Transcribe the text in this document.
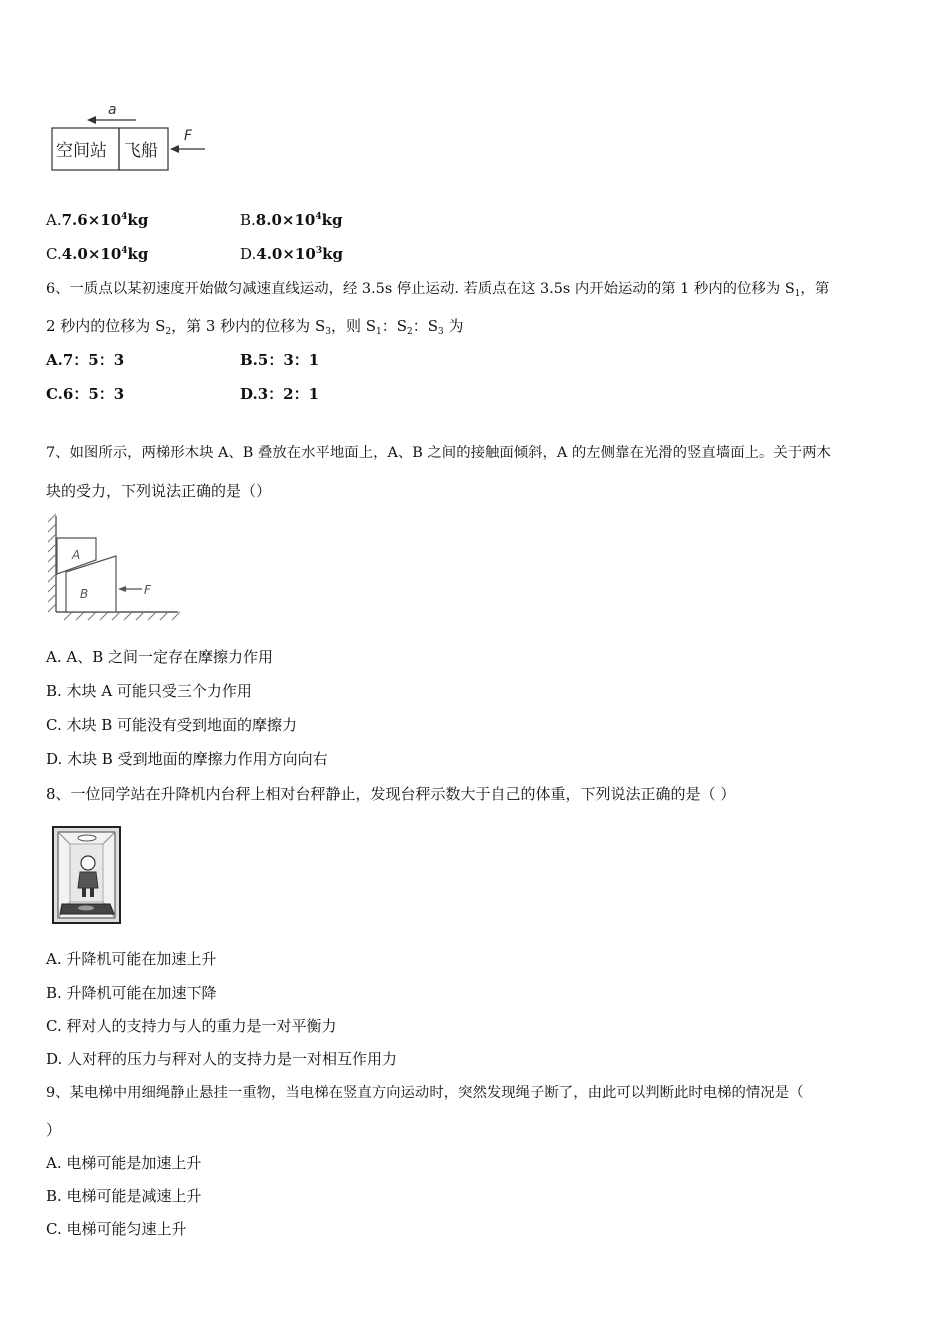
a
空间站 飞船
F
$A.7.6\times 10^4kg$	$B.8.0\times 10^4kg$
$C.4.0\times 10^4kg$	$D.4.0\times 10^3kg$
6、一质点以某初速度开始做匀减速直线运动，经 3.5s 停止运动. 若质点在这 3.5s 内开始运动的第 1 秒内的位移为 $S_1$，第
2 秒内的位移为 $S_2$，第 3 秒内的位移为 $S_3$，则 $S_1$：$S_2$：$S_3$ 为
A.7：5：3	B.5：3：1
C.6：5：3	D.3：2：1
7、如图所示，两梯形木块 A、B 叠放在水平地面上，A、B 之间的接触面倾斜，A 的左侧靠在光滑的竖直墙面上。关于两木
块的受力，下列说法正确的是（）
A
B	F
A. A、B 之间一定存在摩擦力作用
B. 木块 A 可能只受三个力作用
C. 木块 B 可能没有受到地面的摩擦力
D. 木块 B 受到地面的摩擦力作用方向向右
8、一位同学站在升降机内台秤上相对台秤静止，发现台秤示数大于自己的体重，下列说法正确的是（ ）
A. 升降机可能在加速上升
B. 升降机可能在加速下降
C. 秤对人的支持力与人的重力是一对平衡力
D. 人对秤的压力与秤对人的支持力是一对相互作用力
9、某电梯中用细绳静止悬挂一重物，当电梯在竖直方向运动时，突然发现绳子断了，由此可以判断此时电梯的情况是（
）
A. 电梯可能是加速上升
B. 电梯可能是减速上升
C. 电梯可能匀速上升
